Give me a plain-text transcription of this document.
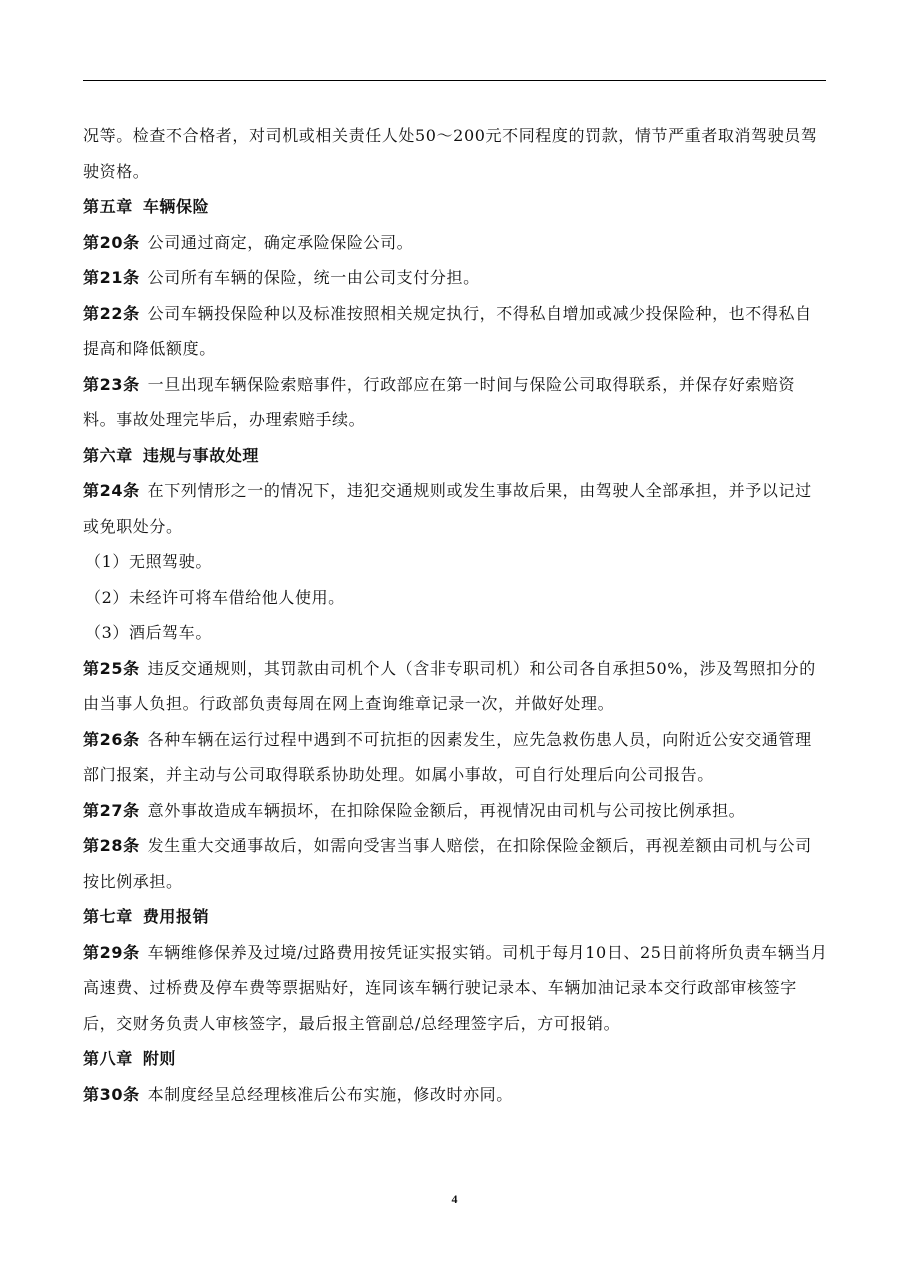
况等。检查不合格者，对司机或相关责任人处50～200元不同程度的罚款，情节严重者取消驾驶员驾驶资格。

第五章 车辆保险

第20条 公司通过商定，确定承险保险公司。

第21条 公司所有车辆的保险，统一由公司支付分担。

第22条 公司车辆投保险种以及标准按照相关规定执行，不得私自增加或减少投保险种，也不得私自提高和降低额度。

第23条 一旦出现车辆保险索赔事件，行政部应在第一时间与保险公司取得联系，并保存好索赔资料。事故处理完毕后，办理索赔手续。

第六章 违规与事故处理

第24条 在下列情形之一的情况下，违犯交通规则或发生事故后果，由驾驶人全部承担，并予以记过或免职处分。

（1）无照驾驶。

（2）未经许可将车借给他人使用。

（3）酒后驾车。

第25条 违反交通规则，其罚款由司机个人（含非专职司机）和公司各自承担50%，涉及驾照扣分的由当事人负担。行政部负责每周在网上查询维章记录一次，并做好处理。

第26条 各种车辆在运行过程中遇到不可抗拒的因素发生，应先急救伤患人员，向附近公安交通管理部门报案，并主动与公司取得联系协助处理。如属小事故，可自行处理后向公司报告。

第27条 意外事故造成车辆损坏，在扣除保险金额后，再视情况由司机与公司按比例承担。

第28条 发生重大交通事故后，如需向受害当事人赔偿，在扣除保险金额后，再视差额由司机与公司按比例承担。

第七章 费用报销

第29条 车辆维修保养及过境/过路费用按凭证实报实销。司机于每月10日、25日前将所负责车辆当月高速费、过桥费及停车费等票据贴好，连同该车辆行驶记录本、车辆加油记录本交行政部审核签字后，交财务负责人审核签字，最后报主管副总/总经理签字后，方可报销。

第八章 附则

第30条 本制度经呈总经理核准后公布实施，修改时亦同。

4
